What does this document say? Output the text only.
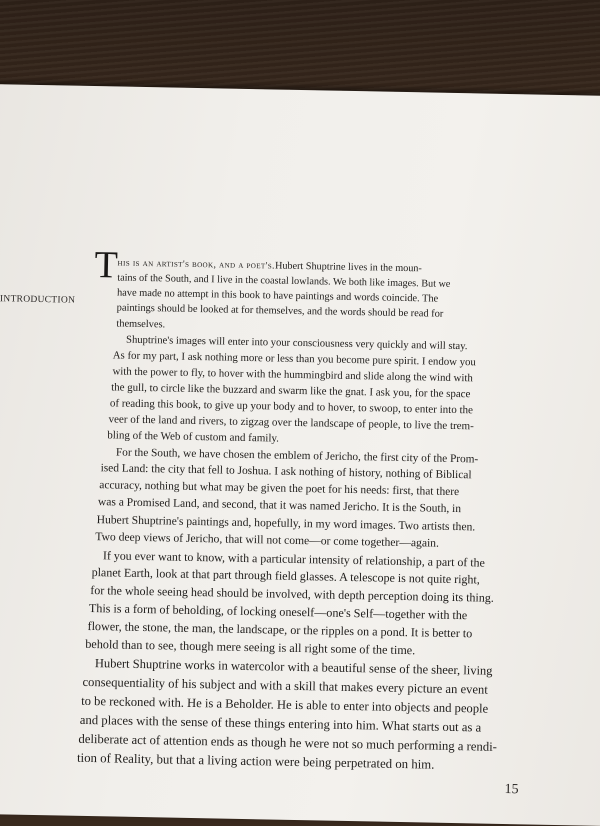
INTRODUCTION
T his is an artist's book, and a poet's. Hubert Shuptrine lives in the moun-
tains of the South, and I live in the coastal lowlands. We both like images. But we
have made no attempt in this book to have paintings and words coincide. The
paintings should be looked at for themselves, and the words should be read for
themselves.
Shuptrine's images will enter into your consciousness very quickly and will stay.
As for my part, I ask nothing more or less than you become pure spirit. I endow you
with the power to fly, to hover with the hummingbird and slide along the wind with
the gull, to circle like the buzzard and swarm like the gnat. I ask you, for the space
of reading this book, to give up your body and to hover, to swoop, to enter into the
veer of the land and rivers, to zigzag over the landscape of people, to live the trem-
bling of the Web of custom and family.
For the South, we have chosen the emblem of Jericho, the first city of the Prom-
ised Land: the city that fell to Joshua. I ask nothing of history, nothing of Biblical
accuracy, nothing but what may be given the poet for his needs: first, that there
was a Promised Land, and second, that it was named Jericho. It is the South, in
Hubert Shuptrine's paintings and, hopefully, in my word images. Two artists then.
Two deep views of Jericho, that will not come—or come together—again.
If you ever want to know, with a particular intensity of relationship, a part of the
planet Earth, look at that part through field glasses. A telescope is not quite right,
for the whole seeing head should be involved, with depth perception doing its thing.
This is a form of beholding, of locking oneself—one's Self—together with the
flower, the stone, the man, the landscape, or the ripples on a pond. It is better to
behold than to see, though mere seeing is all right some of the time.
Hubert Shuptrine works in watercolor with a beautiful sense of the sheer, living
consequentiality of his subject and with a skill that makes every picture an event
to be reckoned with. He is a Beholder. He is able to enter into objects and people
and places with the sense of these things entering into him. What starts out as a
deliberate act of attention ends as though he were not so much performing a rendi-
tion of Reality, but that a living action were being perpetrated on him.
15
